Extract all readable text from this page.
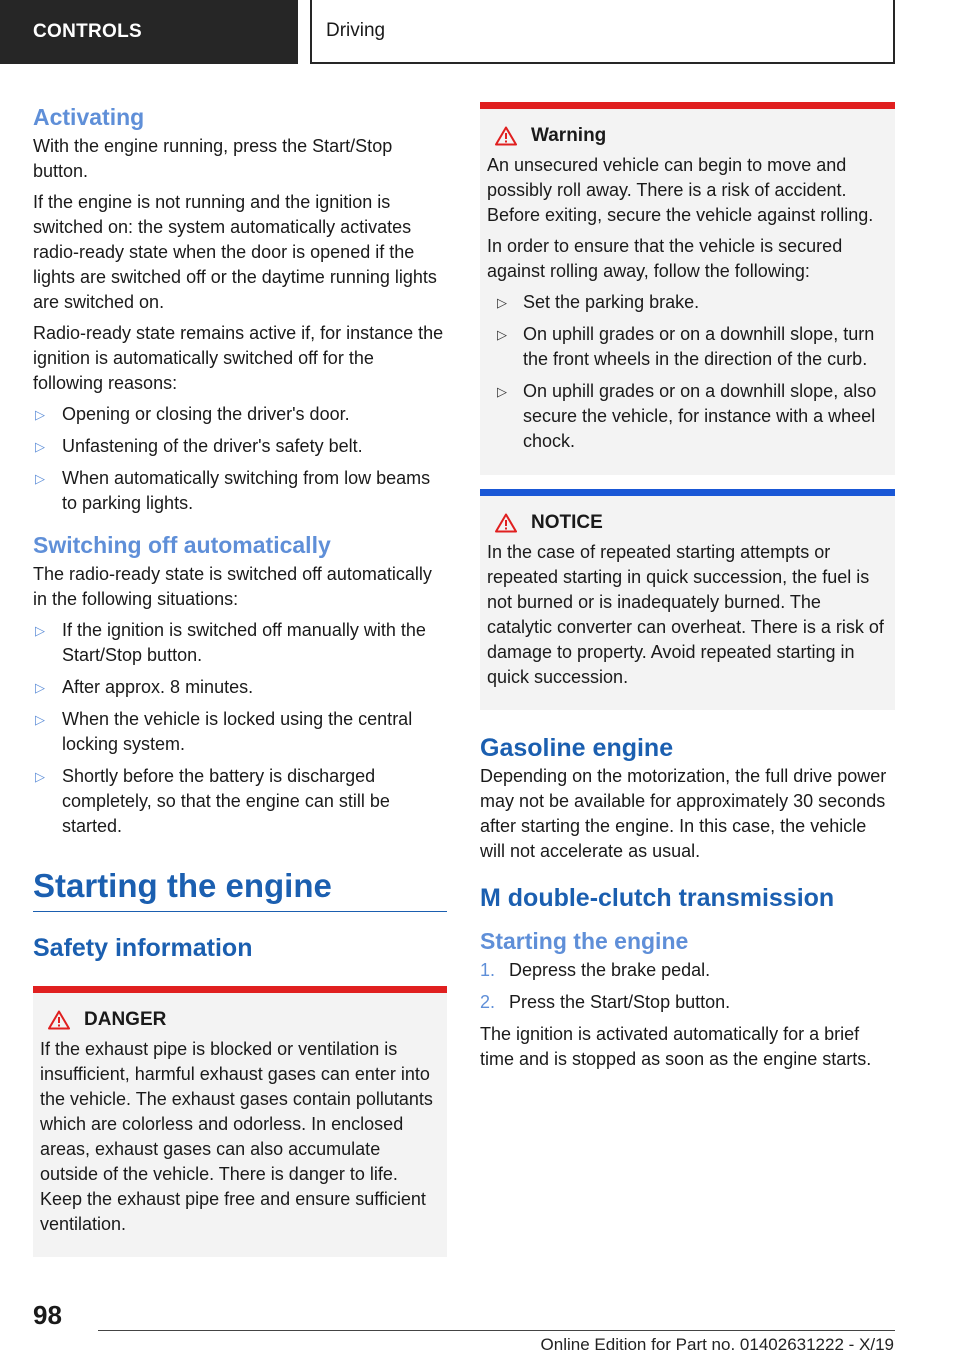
CONTROLS	Driving
Activating

With the engine running, press the Start/Stop button.

If the engine is not running and the ignition is switched on: the system automatically activates radio-ready state when the door is opened if the lights are switched off or the daytime running lights are switched on.

Radio-ready state remains active if, for instance the ignition is automatically switched off for the following reasons:

▷ Opening or closing the driver's door.
▷ Unfastening of the driver's safety belt.
▷ When automatically switching from low beams to parking lights.
Switching off automatically

The radio-ready state is switched off automatically in the following situations:

▷ If the ignition is switched off manually with the Start/Stop button.
▷ After approx. 8 minutes.
▷ When the vehicle is locked using the central locking system.
▷ Shortly before the battery is discharged completely, so that the engine can still be started.
Starting the engine
Safety information
DANGER

If the exhaust pipe is blocked or ventilation is insufficient, harmful exhaust gases can enter into the vehicle. The exhaust gases contain pollutants which are colorless and odorless. In enclosed areas, exhaust gases can also accumulate outside of the vehicle. There is danger to life. Keep the exhaust pipe free and ensure sufficient ventilation.

Warning

An unsecured vehicle can begin to move and possibly roll away. There is a risk of accident. Before exiting, secure the vehicle against rolling.

In order to ensure that the vehicle is secured against rolling away, follow the following:

▷ Set the parking brake.
▷ On uphill grades or on a downhill slope, turn the front wheels in the direction of the curb.
▷ On uphill grades or on a downhill slope, also secure the vehicle, for instance with a wheel chock.
NOTICE

In the case of repeated starting attempts or repeated starting in quick succession, the fuel is not burned or is inadequately burned. The catalytic converter can overheat. There is a risk of damage to property. Avoid repeated starting in quick succession.

Gasoline engine

Depending on the motorization, the full drive power may not be available for approximately 30 seconds after starting the engine. In this case, the vehicle will not accelerate as usual.

M double-clutch transmission
Starting the engine
1. Depress the brake pedal.
2. Press the Start/Stop button.

The ignition is activated automatically for a brief time and is stopped as soon as the engine starts.

98
Online Edition for Part no. 01402631222 - X/19
